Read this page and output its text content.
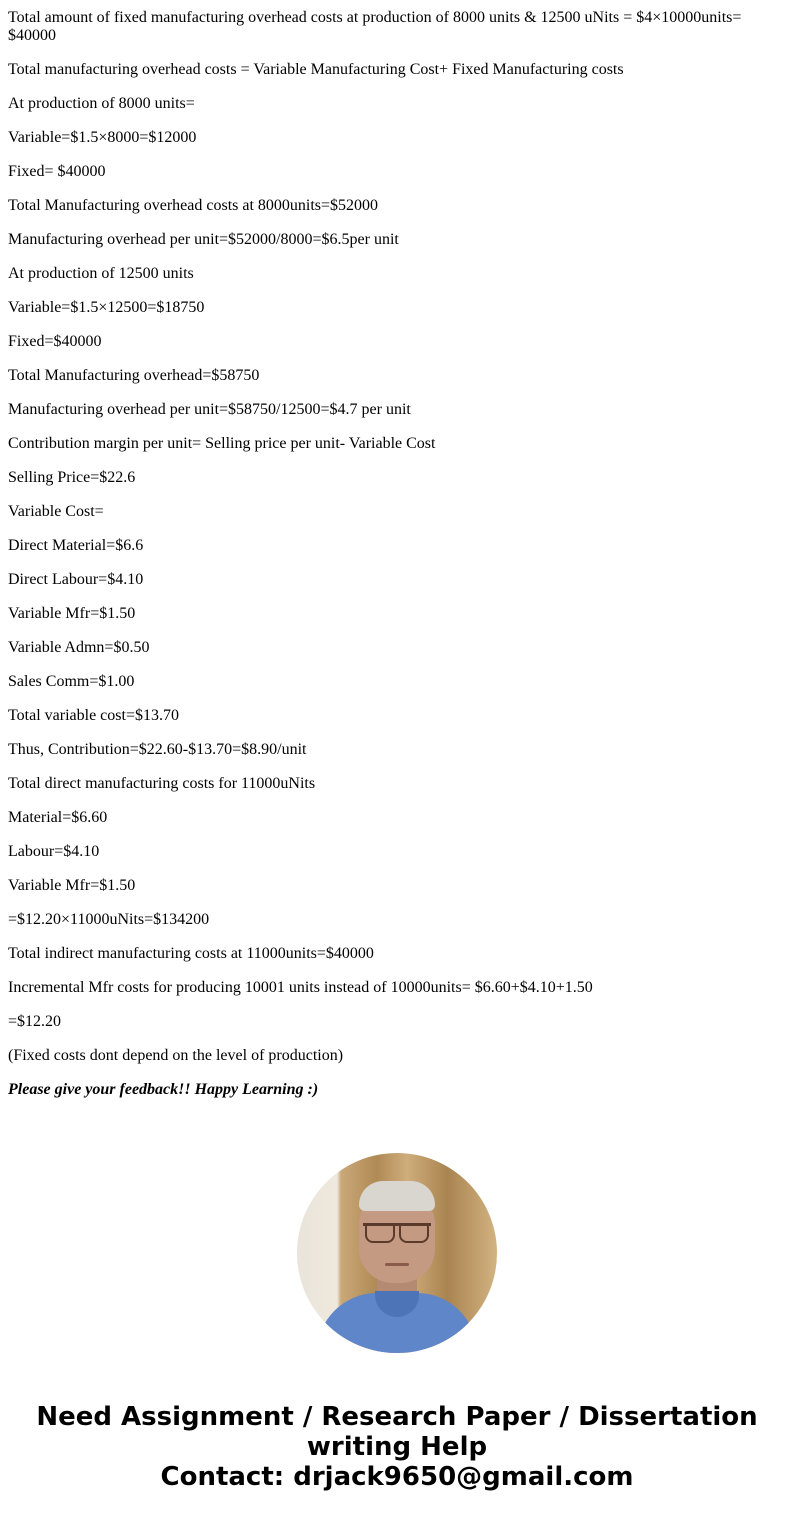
Total amount of fixed manufacturing overhead costs at production of 8000 units & 12500 uNits = $4×10000units= $40000

Total manufacturing overhead costs = Variable Manufacturing Cost+ Fixed Manufacturing costs

At production of 8000 units=

Variable=$1.5×8000=$12000

Fixed= $40000

Total Manufacturing overhead costs at 8000units=$52000

Manufacturing overhead per unit=$52000/8000=$6.5per unit

At production of 12500 units

Variable=$1.5×12500=$18750

Fixed=$40000

Total Manufacturing overhead=$58750

Manufacturing overhead per unit=$58750/12500=$4.7 per unit

Contribution margin per unit= Selling price per unit- Variable Cost

Selling Price=$22.6

Variable Cost=

Direct Material=$6.6

Direct Labour=$4.10

Variable Mfr=$1.50

Variable Admn=$0.50

Sales Comm=$1.00

Total variable cost=$13.70

Thus, Contribution=$22.60-$13.70=$8.90/unit

Total direct manufacturing costs for 11000uNits

Material=$6.60

Labour=$4.10

Variable Mfr=$1.50

=$12.20×11000uNits=$134200

Total indirect manufacturing costs at 11000units=$40000

Incremental Mfr costs for producing 10001 units instead of 10000units= $6.60+$4.10+1.50

=$12.20

(Fixed costs dont depend on the level of production)

Please give your feedback!! Happy Learning :)

Need Assignment / Research Paper / Dissertation writing Help
Contact: drjack9650@gmail.com
